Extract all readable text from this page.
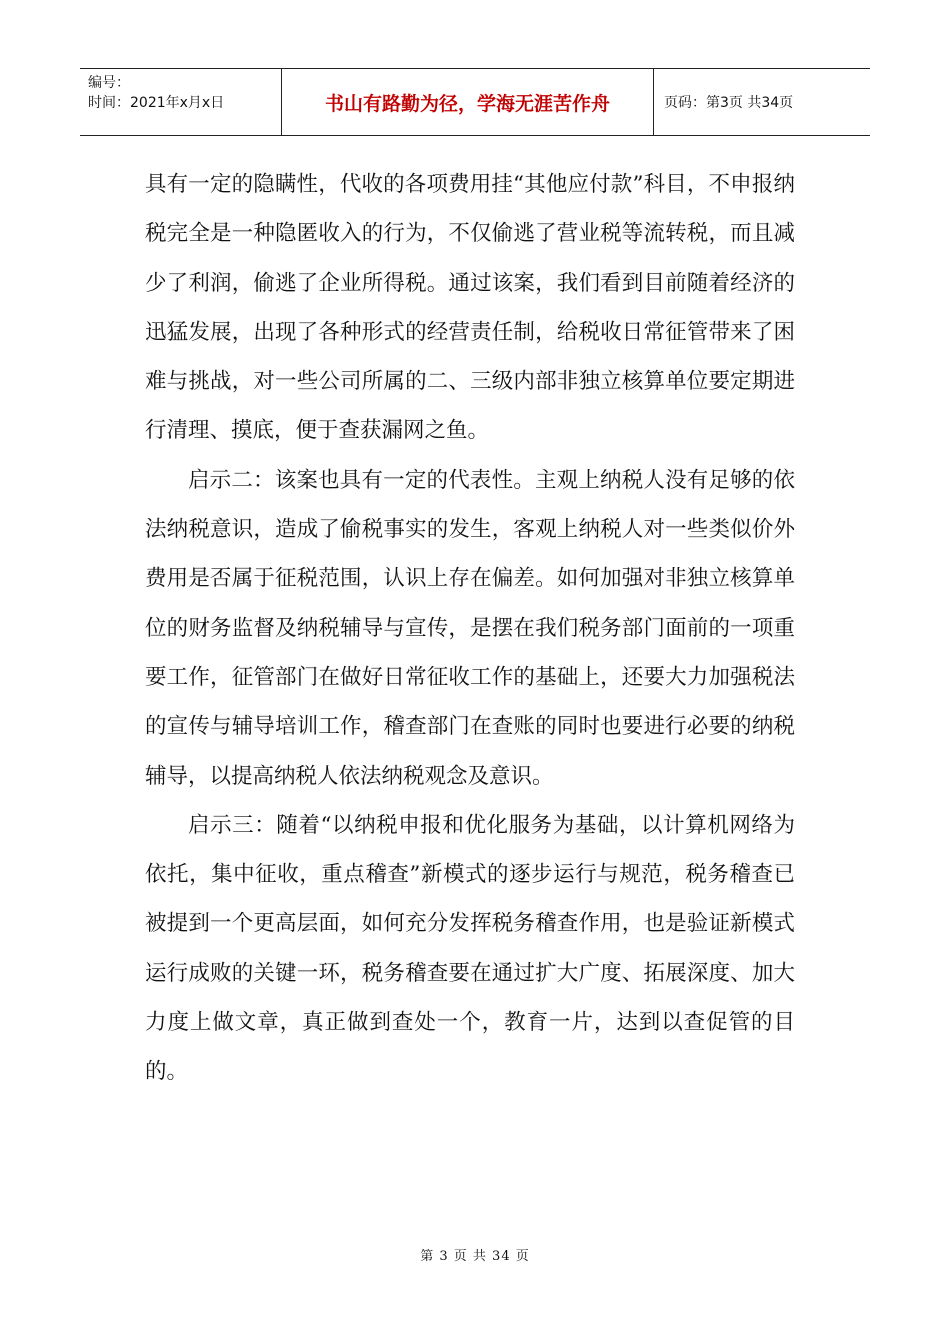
编号：
时间：2021年x月x日	书山有路勤为径，学海无涯苦作舟	页码：第3页 共34页

具有一定的隐瞒性，代收的各项费用挂“其他应付款”科目，不申报纳税完全是一种隐匿收入的行为，不仅偷逃了营业税等流转税，而且减少了利润，偷逃了企业所得税。通过该案，我们看到目前随着经济的迅猛发展，出现了各种形式的经营责任制，给税收日常征管带来了困难与挑战，对一些公司所属的二、三级内部非独立核算单位要定期进行清理、摸底，便于查获漏网之鱼。

启示二：该案也具有一定的代表性。主观上纳税人没有足够的依法纳税意识，造成了偷税事实的发生，客观上纳税人对一些类似价外费用是否属于征税范围，认识上存在偏差。如何加强对非独立核算单位的财务监督及纳税辅导与宣传，是摆在我们税务部门面前的一项重要工作，征管部门在做好日常征收工作的基础上，还要大力加强税法的宣传与辅导培训工作，稽查部门在查账的同时也要进行必要的纳税辅导，以提高纳税人依法纳税观念及意识。

启示三：随着“以纳税申报和优化服务为基础，以计算机网络为依托，集中征收，重点稽查”新模式的逐步运行与规范，税务稽查已被提到一个更高层面，如何充分发挥税务稽查作用，也是验证新模式运行成败的关键一环，税务稽查要在通过扩大广度、拓展深度、加大力度上做文章，真正做到查处一个，教育一片，达到以查促管的目的。

第 3 页 共 34 页
